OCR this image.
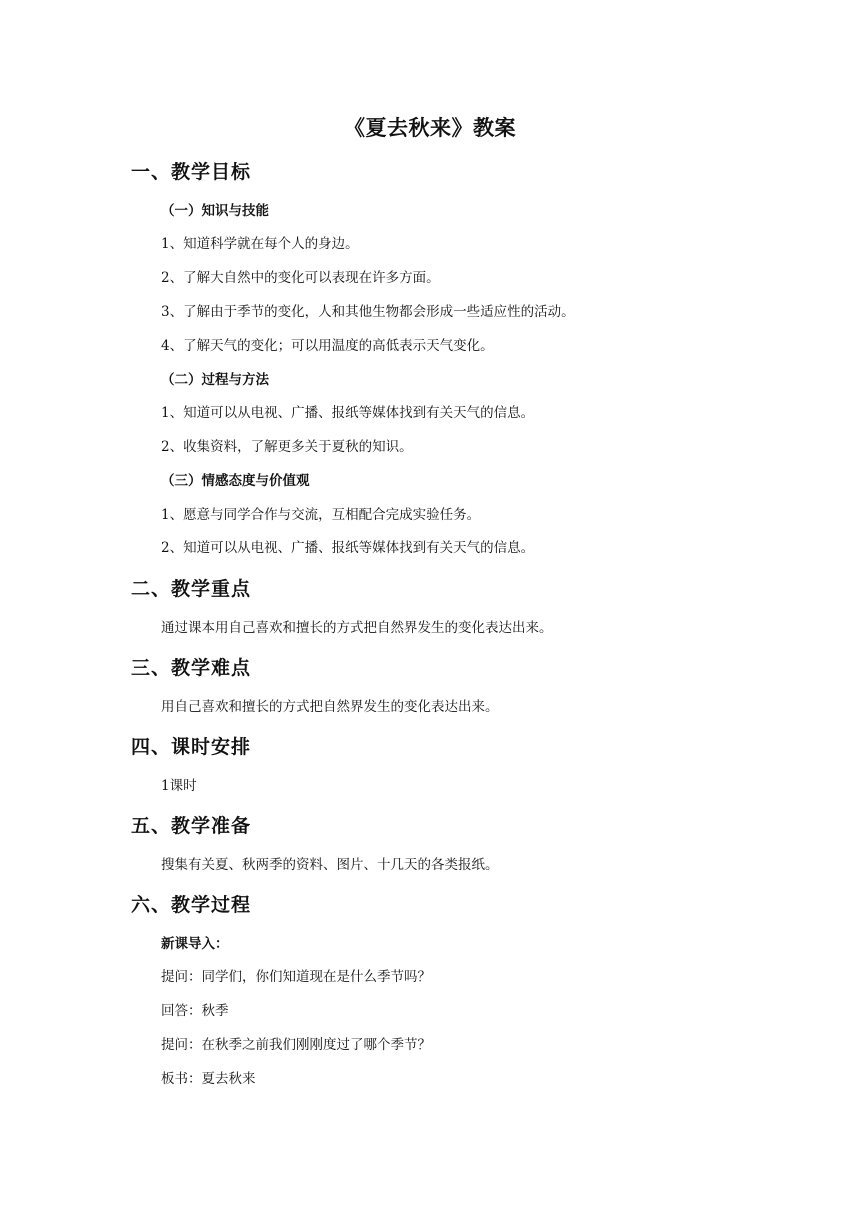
《夏去秋来》教案
一、教学目标
（一）知识与技能
1、知道科学就在每个人的身边。
2、了解大自然中的变化可以表现在许多方面。
3、了解由于季节的变化，人和其他生物都会形成一些适应性的活动。
4、了解天气的变化；可以用温度的高低表示天气变化。
（二）过程与方法
1、知道可以从电视、广播、报纸等媒体找到有关天气的信息。
2、收集资料，了解更多关于夏秋的知识。
（三）情感态度与价值观
1、愿意与同学合作与交流，互相配合完成实验任务。
2、知道可以从电视、广播、报纸等媒体找到有关天气的信息。
二、教学重点
通过课本用自己喜欢和擅长的方式把自然界发生的变化表达出来。
三、教学难点
用自己喜欢和擅长的方式把自然界发生的变化表达出来。
四、课时安排
1课时
五、教学准备
搜集有关夏、秋两季的资料、图片、十几天的各类报纸。
六、教学过程
新课导入：
提问：同学们，你们知道现在是什么季节吗？
回答：秋季
提问：在秋季之前我们刚刚度过了哪个季节？
板书：夏去秋来
